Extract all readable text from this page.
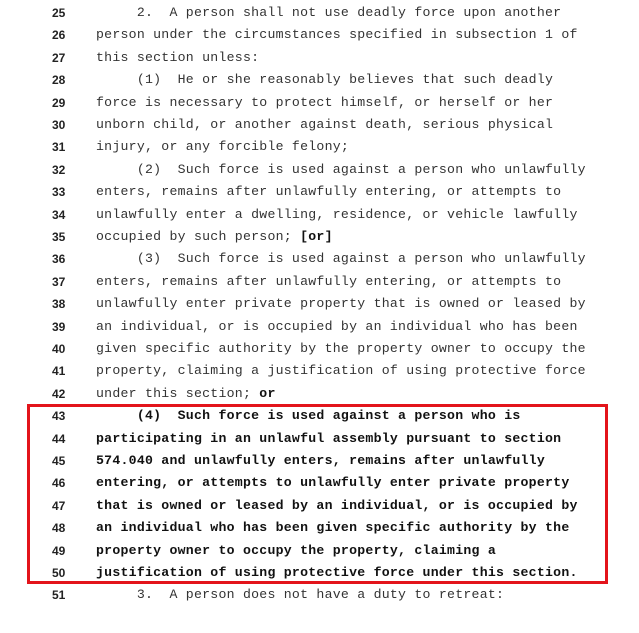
25	2.  A person shall not use deadly force upon another
26	person under the circumstances specified in subsection 1 of
27	this section unless:
28	(1)  He or she reasonably believes that such deadly
29	force is necessary to protect himself, or herself or her
30	unborn child, or another against death, serious physical
31	injury, or any forcible felony;
32	(2)  Such force is used against a person who unlawfully
33	enters, remains after unlawfully entering, or attempts to
34	unlawfully enter a dwelling, residence, or vehicle lawfully
35	occupied by such person; [or]
36	(3)  Such force is used against a person who unlawfully
37	enters, remains after unlawfully entering, or attempts to
38	unlawfully enter private property that is owned or leased by
39	an individual, or is occupied by an individual who has been
40	given specific authority by the property owner to occupy the
41	property, claiming a justification of using protective force
42	under this section; or
43	(4)  Such force is used against a person who is
44	participating in an unlawful assembly pursuant to section
45	574.040 and unlawfully enters, remains after unlawfully
46	entering, or attempts to unlawfully enter private property
47	that is owned or leased by an individual, or is occupied by
48	an individual who has been given specific authority by the
49	property owner to occupy the property, claiming a
50	justification of using protective force under this section.
51	3.  A person does not have a duty to retreat:
